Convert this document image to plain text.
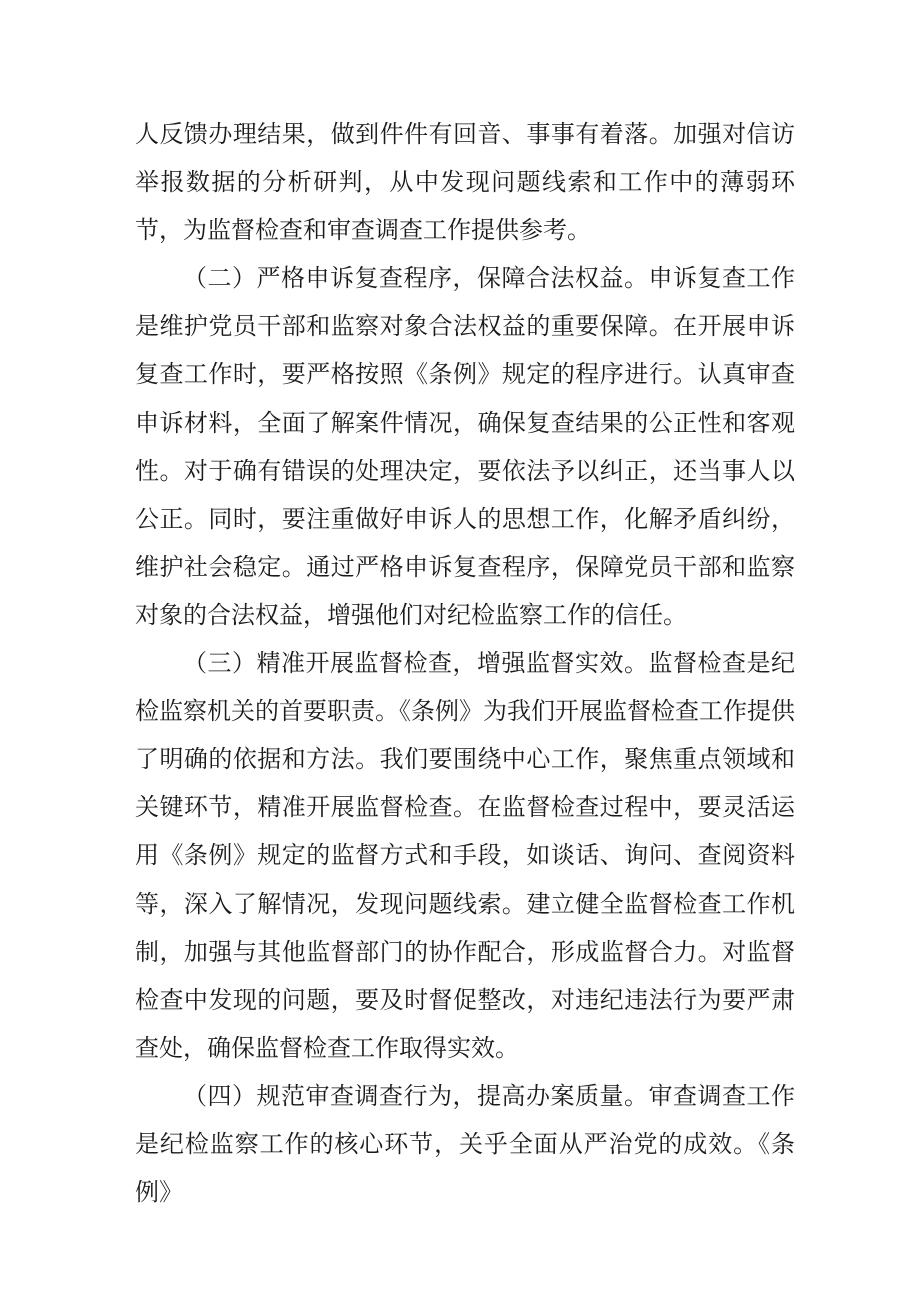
人反馈办理结果，做到件件有回音、事事有着落。加强对信访举报数据的分析研判，从中发现问题线索和工作中的薄弱环节，为监督检查和审查调查工作提供参考。

（二）严格申诉复查程序，保障合法权益。申诉复查工作是维护党员干部和监察对象合法权益的重要保障。在开展申诉复查工作时，要严格按照《条例》规定的程序进行。认真审查申诉材料，全面了解案件情况，确保复查结果的公正性和客观性。对于确有错误的处理决定，要依法予以纠正，还当事人以公正。同时，要注重做好申诉人的思想工作，化解矛盾纠纷，维护社会稳定。通过严格申诉复查程序，保障党员干部和监察对象的合法权益，增强他们对纪检监察工作的信任。

（三）精准开展监督检查，增强监督实效。监督检查是纪检监察机关的首要职责。《条例》为我们开展监督检查工作提供了明确的依据和方法。我们要围绕中心工作，聚焦重点领域和关键环节，精准开展监督检查。在监督检查过程中，要灵活运用《条例》规定的监督方式和手段，如谈话、询问、查阅资料等，深入了解情况，发现问题线索。建立健全监督检查工作机制，加强与其他监督部门的协作配合，形成监督合力。对监督检查中发现的问题，要及时督促整改，对违纪违法行为要严肃查处，确保监督检查工作取得实效。

（四）规范审查调查行为，提高办案质量。审查调查工作是纪检监察工作的核心环节，关乎全面从严治党的成效。《条例》
